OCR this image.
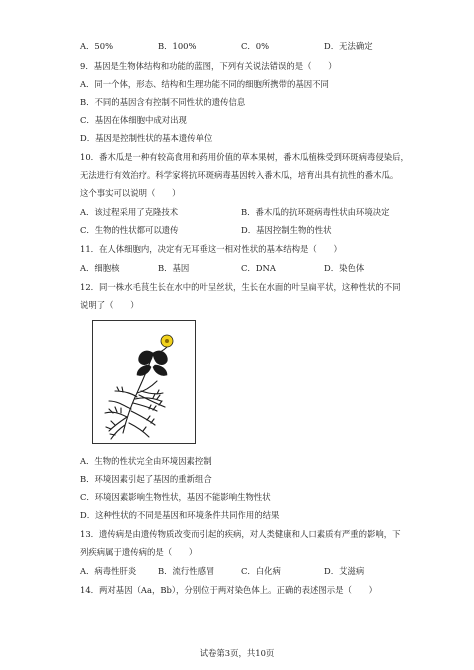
A．50%	B．100%	C．0%	D．无法确定
9．基因是生物体结构和功能的蓝图，下列有关说法错误的是（　　）
A．同一个体，形态、结构和生理功能不同的细胞所携带的基因不同
B．不同的基因含有控制不同性状的遗传信息
C．基因在体细胞中成对出现
D．基因是控制性状的基本遗传单位
10．番木瓜是一种有较高食用和药用价值的草本果树，番木瓜植株受到环斑病毒侵染后，
无法进行有效治疗。科学家将抗环斑病毒基因转入番木瓜，培育出具有抗性的番木瓜。
这个事实可以说明（　　）
A．该过程采用了克隆技术	B．番木瓜的抗环斑病毒性状由环境决定
C．生物的性状都可以遗传	D．基因控制生物的性状
11．在人体细胞内，决定有无耳垂这一相对性状的基本结构是（　　）
A．细胞核	B．基因	C．DNA	D．染色体
12．同一株水毛茛生长在水中的叶呈丝状，生长在水面的叶呈扁平状，这种性状的不同
说明了（　　）
A．生物的性状完全由环境因素控制
B．环境因素引起了基因的重新组合
C．环境因素影响生物性状，基因不能影响生物性状
D．这种性状的不同是基因和环境条件共同作用的结果
13．遗传病是由遗传物质改变而引起的疾病，对人类健康和人口素质有严重的影响，下
列疾病属于遗传病的是（　　）
A．病毒性肝炎	B．流行性感冒	C．白化病	D．艾滋病
14．两对基因（Aa，Bb），分别位于两对染色体上。正确的表述图示是（　　）
试卷第3页，共10页
